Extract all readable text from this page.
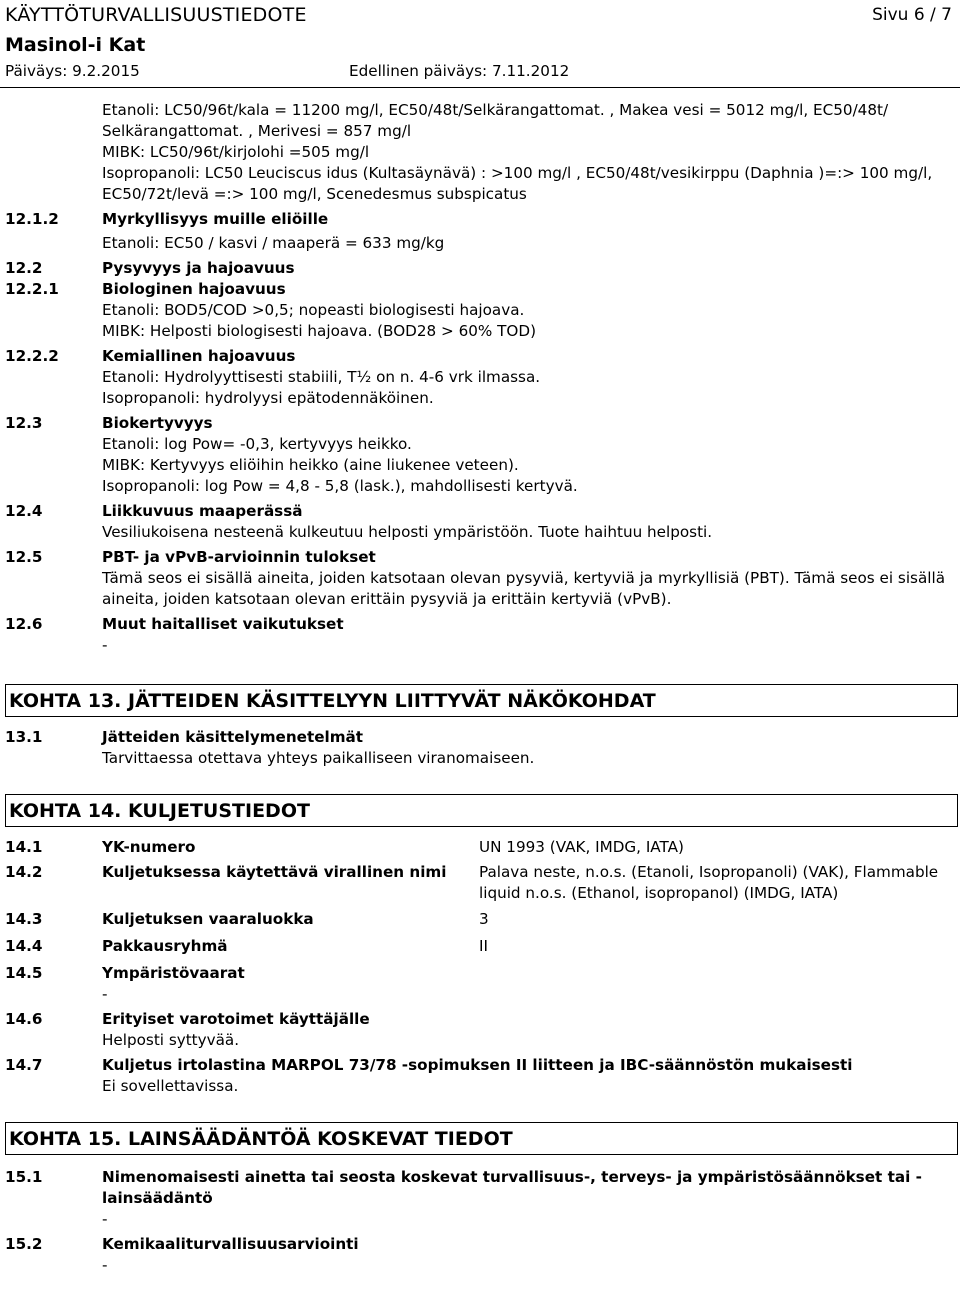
KÄYTTÖTURVALLISUUSTIEDOTE	Sivu 6 / 7
Masinol-i Kat
Päiväys: 9.2.2015	Edellinen päiväys: 7.11.2012
Etanoli: LC50/96t/kala = 11200 mg/l, EC50/48t/Selkärangattomat. , Makea vesi = 5012 mg/l, EC50/48t/
Selkärangattomat. , Merivesi = 857 mg/l
MIBK: LC50/96t/kirjolohi =505 mg/l
Isopropanoli: LC50 Leuciscus idus (Kultasäynävä) : >100 mg/l , EC50/48t/vesikirppu (Daphnia )=:> 100 mg/l,
EC50/72t/levä =:> 100 mg/l, Scenedesmus subspicatus
12.1.2	Myrkyllisyys muille eliöille
Etanoli: EC50 / kasvi / maaperä = 633 mg/kg
12.2	Pysyvyys ja hajoavuus
12.2.1	Biologinen hajoavuus
Etanoli: BOD5/COD >0,5; nopeasti biologisesti hajoava.
MIBK: Helposti biologisesti hajoava. (BOD28 > 60% TOD)
12.2.2	Kemiallinen hajoavuus
Etanoli: Hydrolyyttisesti stabiili, T½ on n. 4-6 vrk ilmassa.
Isopropanoli: hydrolyysi epätodennäköinen.
12.3	Biokertyvyys
Etanoli: log Pow= -0,3, kertyvyys heikko.
MIBK: Kertyvyys eliöihin heikko (aine liukenee veteen).
Isopropanoli: log Pow = 4,8 - 5,8 (lask.), mahdollisesti kertyvä.
12.4	Liikkuvuus maaperässä
Vesiliukoisena nesteenä kulkeutuu helposti ympäristöön. Tuote haihtuu helposti.
12.5	PBT- ja vPvB-arvioinnin tulokset
Tämä seos ei sisällä aineita, joiden katsotaan olevan pysyviä, kertyviä ja myrkyllisiä (PBT). Tämä seos ei sisällä aineita, joiden katsotaan olevan erittäin pysyviä ja erittäin kertyviä (vPvB).
12.6	Muut haitalliset vaikutukset
-
KOHTA 13. JÄTTEIDEN KÄSITTELYYN LIITTYVÄT NÄKÖKOHDAT
13.1	Jätteiden käsittelymenetelmät
Tarvittaessa otettava yhteys paikalliseen viranomaiseen.
KOHTA 14. KULJETUSTIEDOT
14.1	YK-numero	UN 1993 (VAK, IMDG, IATA)
14.2	Kuljetuksessa käytettävä virallinen nimi	Palava neste, n.o.s. (Etanoli, Isopropanoli) (VAK), Flammable liquid n.o.s. (Ethanol, isopropanol) (IMDG, IATA)
14.3	Kuljetuksen vaaraluokka	3
14.4	Pakkausryhmä	II
14.5	Ympäristövaarat
-
14.6	Erityiset varotoimet käyttäjälle
Helposti syttyvää.
14.7	Kuljetus irtolastina MARPOL 73/78 -sopimuksen II liitteen ja IBC-säännöstön mukaisesti
Ei sovellettavissa.
KOHTA 15. LAINSÄÄDÄNTÖÄ KOSKEVAT TIEDOT
15.1	Nimenomaisesti ainetta tai seosta koskevat turvallisuus-, terveys- ja ympäristösäännökset tai -lainsäädäntö
-
15.2	Kemikaaliturvallisuusarviointi
-
